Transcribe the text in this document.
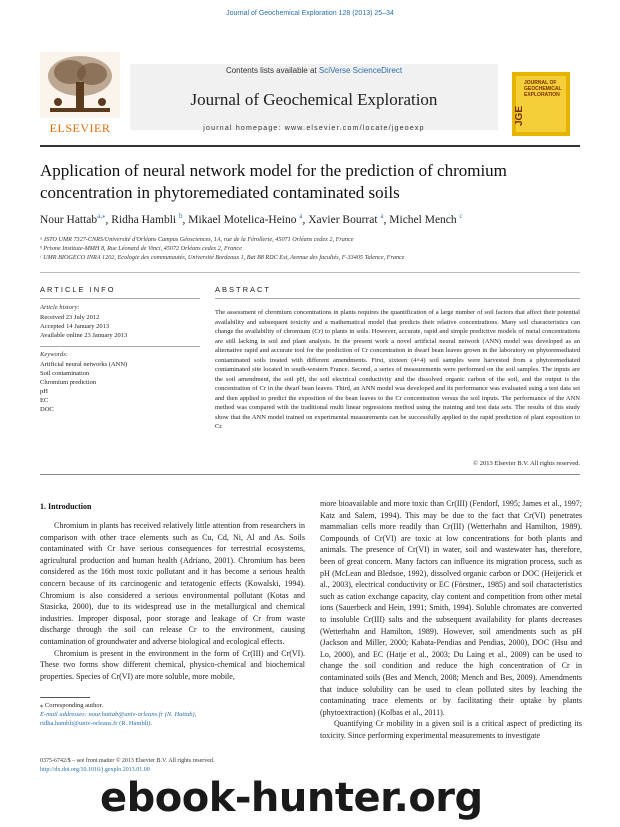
Journal of Geochemical Exploration 128 (2013) 25–34
ELSEVIER
Contents lists available at SciVerse ScienceDirect
Journal of Geochemical Exploration
journal homepage: www.elsevier.com/locate/jgeoexp
JOURNAL OF
GEOCHEMICAL
EXPLORATION
JGE
Application of neural network model for the prediction of chromium concentration in phytoremediated contaminated soils
Nour Hattab$^{a,⁎}$, Ridha Hambli $^b$, Mikael Motelica-Heino $^a$, Xavier Bourrat $^a$, Michel Mench $^c$
ᵃ ISTO UMR 7327-CNRS/Université d'Orléans Campus Géosciences, 1A, rue de la Férollerie, 45071 Orléans cedex 2, France
ᵇ Prisme Institute-MMH 8, Rue Léonard de Vinci, 45072 Orléans cedex 2, France
ᶜ UMR BIOGECO INRA 1202, Ecologie des communautés, Université Bordeaux 1, Bat B8 RDC Est, Avenue des facultés, F-33405 Talence, France
ARTICLE INFO
Article history:
Received 23 July 2012
Accepted 14 January 2013
Available online 23 January 2013
Keywords:
Artificial neural networks (ANN)
Soil contamination
Chromium prediction
pH
EC
DOC
ABSTRACT
The assessment of chromium concentrations in plants requires the quantification of a large number of soil factors that affect their potential availability and subsequent toxicity and a mathematical model that predicts their relative concentrations. Many soil characteristics can change the availability of chromium (Cr) to plants in soils. However, accurate, rapid and simple predictive models of metal concentrations are still lacking in soil and plant analysis. In the present work a novel artificial neural network (ANN) model was developed as an alternative rapid and accurate tool for the prediction of Cr concentration in dwarf bean leaves grown in the laboratory on phytoremediated contaminated soils treated with different amendments. First, sixteen (4×4) soil samples were harvested from a phytoremediated contaminated site located in south-western France. Second, a series of measurements were performed on the soil samples. The inputs are the soil amendment, the soil pH, the soil electrical conductivity and the dissolved organic carbon of the soil, and the output is the concentration of Cr in the dwarf bean leaves. Third, an ANN model was developed and its performance was evaluated using a test data set and then applied to predict the exposition of the bean leaves to the Cr concentration versus the soil inputs. The performance of the ANN method was compared with the traditional multi linear regressions method using the training and test data sets. The results of this study show that the ANN model trained on experimental measurements can be successfully applied to the rapid prediction of plant exposition to Cr.
© 2013 Elsevier B.V. All rights reserved.
1. Introduction

Chromium in plants has received relatively little attention from researchers in comparison with other trace elements such as Cu, Cd, Ni, Al and As. Soils contaminated with Cr have serious consequences for terrestrial ecosystems, agricultural production and human health (Adriano, 2001). Chromium has been considered as the 16th most toxic pollutant and it has become a serious health concern because of its carcinogenic and teratogenic effects (Kowalski, 1994). Chromium is also considered a serious environmental pollutant (Kotas and Stasicka, 2000), due to its widespread use in the metallurgical and chemical industries. Improper disposal, poor storage and leakage of Cr from waste discharge through the soil can release Cr to the environment, causing contamination of groundwater and adverse biological and ecological effects.

Chromium is present in the environment in the form of Cr(III) and Cr(VI). These two forms show different chemical, physico-chemical and biochemical properties. Species of Cr(VI) are more soluble, more mobile,

more bioavailable and more toxic than Cr(III) (Fendorf, 1995; James et al., 1997; Katz and Salem, 1994). This may be due to the fact that Cr(VI) penetrates mammalian cells more readily than Cr(III) (Wetterhahn and Hamilton, 1989). Compounds of Cr(VI) are toxic at low concentrations for both plants and animals. The presence of Cr(VI) in water, soil and wastewater has, therefore, been of great concern. Many factors can influence its migration process, such as pH (McLean and Bledsoe, 1992), dissolved organic carbon or DOC (Heijerick et al., 2003), electrical conductivity or EC (Förstner., 1985) and soil characteristics such as cation exchange capacity, clay content and competition from other metal ions (Sauerbeck and Hein, 1991; Smith, 1994). Soluble chromates are converted to insoluble Cr(III) salts and the subsequent availability for plants decreases (Wetterhahn and Hamilton, 1989). However, soil amendments such as pH (Jackson and Miller, 2000; Kabata-Pendias and Pendias, 2000), DOC (Hsu and Lo, 2000), and EC (Hatje et al., 2003; Du Laing et al., 2009) can be used to change the soil condition and reduce the high concentration of Cr in contaminated soils (Bes and Mench, 2008; Mench and Bes, 2009). Amendments that induce solubility can be used to clean polluted sites by leaching the contaminating trace elements or by facilitating their uptake by plants (phytoextraction) (Kolbas et al., 2011).

Quantifying Cr mobility in a given soil is a critical aspect of predicting its toxicity. Since performing experimental measurements to investigate

⁎ Corresponding author.
E-mail addresses: nour.hattab@univ-orleans.fr (N. Hattab),
ridha.hambli@univ-orleans.fr (R. Hambli).
0375-6742/$ – see front matter © 2013 Elsevier B.V. All rights reserved.
http://dx.doi.org/10.1016/j.gexplo.2013.01.00
ebook-hunter.org
